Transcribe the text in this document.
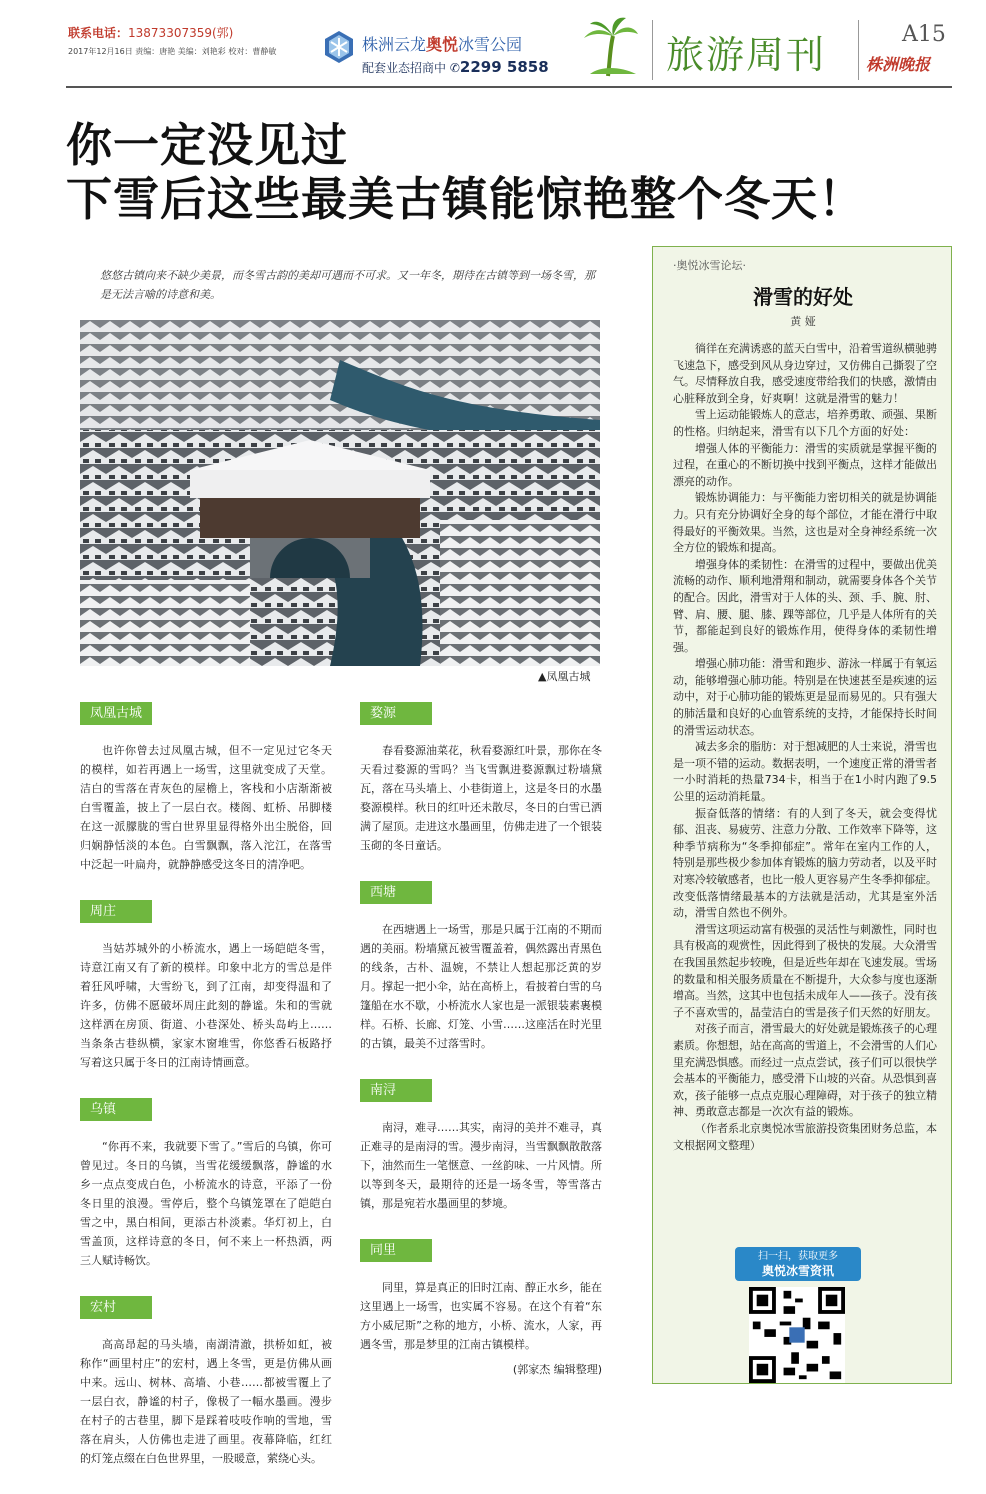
联系电话：13873307359(郭)
2017年12月16日 责编：唐艳 美编：刘艳彩 校对：曹静敏	株洲云龙奥悦冰雪公园
配套业态招商中 ✆2299 5858	旅游周刊	A15
株洲晚报
你一定没见过
下雪后这些最美古镇能惊艳整个冬天！
悠悠古镇向来不缺少美景，而冬雪古韵的美却可遇而不可求。又一年冬，期待在古镇等到一场冬雪，那是无法言喻的诗意和美。
▲凤凰古城
凤凰古城

也许你曾去过凤凰古城，但不一定见过它冬天的模样，如若再遇上一场雪，这里就变成了天堂。洁白的雪落在青灰色的屋檐上，客栈和小店渐渐被白雪覆盖，披上了一层白衣。楼阁、虹桥、吊脚楼在这一派朦胧的雪白世界里显得格外出尘脱俗，回归娴静恬淡的本色。白雪飘飘，落入沱江，在落雪中泛起一叶扁舟，就静静感受这冬日的清净吧。

周庄

当姑苏城外的小桥流水，遇上一场皑皑冬雪，诗意江南又有了新的模样。印象中北方的雪总是伴着狂风呼啸，大雪纷飞，到了江南，却变得温和了许多，仿佛不愿破坏周庄此刻的静谧。朱和的雪就这样洒在房顶、街道、小巷深处、桥头岛屿上……当条条古巷纵横，家家木窗堆雪，你悠香石板路抒写着这只属于冬日的江南诗情画意。

乌镇

“你再不来，我就要下雪了。”雪后的乌镇，你可曾见过。冬日的乌镇，当雪花缓缓飘落，静谧的水乡一点点变成白色，小桥流水的诗意，平添了一份冬日里的浪漫。雪停后，整个乌镇笼罩在了皑皑白雪之中，黑白相间，更添古朴淡素。华灯初上，白雪盖顶，这样诗意的冬日，何不来上一杯热酒，两三人赋诗畅饮。

宏村

高高昂起的马头墙，南湖清澈，拱桥如虹，被称作“画里村庄”的宏村，遇上冬雪，更是仿佛从画中来。远山、树林、高墙、小巷……都被雪覆上了一层白衣，静谧的村子，像极了一幅水墨画。漫步在村子的古巷里，脚下是踩着吱吱作响的雪地，雪落在肩头，人仿佛也走进了画里。夜幕降临，红红的灯笼点缀在白色世界里，一股暖意，萦绕心头。

婺源

春看婺源油菜花，秋看婺源红叶景，那你在冬天看过婺源的雪吗？当飞雪飘进婺源飘过粉墙黛瓦，落在马头墙上、小巷街道上，这是冬日的水墨婺源模样。秋日的红叶还未散尽，冬日的白雪已洒满了屋顶。走进这水墨画里，仿佛走进了一个银装玉砌的冬日童话。

西塘

在西塘遇上一场雪，那是只属于江南的不期而遇的美丽。粉墙黛瓦被雪覆盖着，偶然露出青黑色的线条，古朴、温婉，不禁让人想起那泛黄的岁月。撑起一把小伞，站在高桥上，看披着白雪的乌篷船在水不歇，小桥流水人家也是一派银装素裹模样。石桥、长廊、灯笼、小雪……这座活在时光里的古镇，最美不过落雪时。

南浔

南浔，难寻……其实，南浔的美并不难寻，真正难寻的是南浔的雪。漫步南浔，当雪飘飘散散落下，油然而生一笔惬意、一丝韵味、一片风情。所以等到冬天，最期待的还是一场冬雪，等雪落古镇，那是宛若水墨画里的梦境。

同里

同里，算是真正的旧时江南、醇正水乡，能在这里遇上一场雪，也实属不容易。在这个有着“东方小威尼斯”之称的地方，小桥、流水，人家，再遇冬雪，那是梦里的江南古镇模样。

(郭家杰 编辑整理)
·奥悦冰雪论坛·
滑雪的好处
黄 娅

徜徉在充满诱惑的蓝天白雪中，沿着雪道纵横驰骋飞速急下，感受到风从身边穿过，又仿佛自己撕裂了空气。尽情释放自我，感受速度带给我们的快感，激情由心脏释放到全身，好爽啊！这就是滑雪的魅力！

雪上运动能锻炼人的意志，培养勇敢、顽强、果断的性格。归纳起来，滑雪有以下几个方面的好处：

增强人体的平衡能力：滑雪的实质就是掌握平衡的过程，在重心的不断切换中找到平衡点，这样才能做出漂亮的动作。

锻炼协调能力：与平衡能力密切相关的就是协调能力。只有充分协调好全身的每个部位，才能在滑行中取得最好的平衡效果。当然，这也是对全身神经系统一次全方位的锻炼和提高。

增强身体的柔韧性：在滑雪的过程中，要做出优美流畅的动作、顺利地滑翔和制动，就需要身体各个关节的配合。因此，滑雪对于人体的头、颈、手、腕、肘、臂、肩、腰、腿、膝、踝等部位，几乎是人体所有的关节，都能起到良好的锻炼作用，使得身体的柔韧性增强。

增强心肺功能：滑雪和跑步、游泳一样属于有氧运动，能够增强心肺功能。特别是在快速甚至是疾速的运动中，对于心肺功能的锻炼更是显而易见的。只有强大的肺活量和良好的心血管系统的支持，才能保持长时间的滑雪运动状态。

减去多余的脂肪：对于想减肥的人士来说，滑雪也是一项不错的运动。数据表明，一个速度正常的滑雪者一小时消耗的热量734卡，相当于在1小时内跑了9.5公里的运动消耗量。

振奋低落的情绪：有的人到了冬天，就会变得忧郁、沮丧、易疲劳、注意力分散、工作效率下降等，这种季节病称为“冬季抑郁症”。常年在室内工作的人，特别是那些极少参加体育锻炼的脑力劳动者，以及平时对寒冷较敏感者，也比一般人更容易产生冬季抑郁症。改变低落情绪最基本的方法就是活动，尤其是室外活动，滑雪自然也不例外。

滑雪这项运动富有极强的灵活性与刺激性，同时也具有极高的观赏性，因此得到了极快的发展。大众滑雪在我国虽然起步较晚，但是近些年却在飞速发展。雪场的数量和相关服务质量在不断提升，大众参与度也逐渐增高。当然，这其中也包括未成年人——孩子。没有孩子不喜欢雪的，晶莹洁白的雪是孩子们天然的好朋友。

对孩子而言，滑雪最大的好处就是锻炼孩子的心理素质。你想想，站在高高的雪道上，不会滑雪的人们心里充满恐惧感。而经过一点点尝试，孩子们可以很快学会基本的平衡能力，感受滑下山坡的兴奋。从恐惧到喜欢，孩子能够一点点克服心理障碍，对于孩子的独立精神、勇敢意志都是一次次有益的锻炼。

（作者系北京奥悦冰雪旅游投资集团财务总监，本文根据网文整理）

扫一扫，获取更多
奥悦冰雪资讯
